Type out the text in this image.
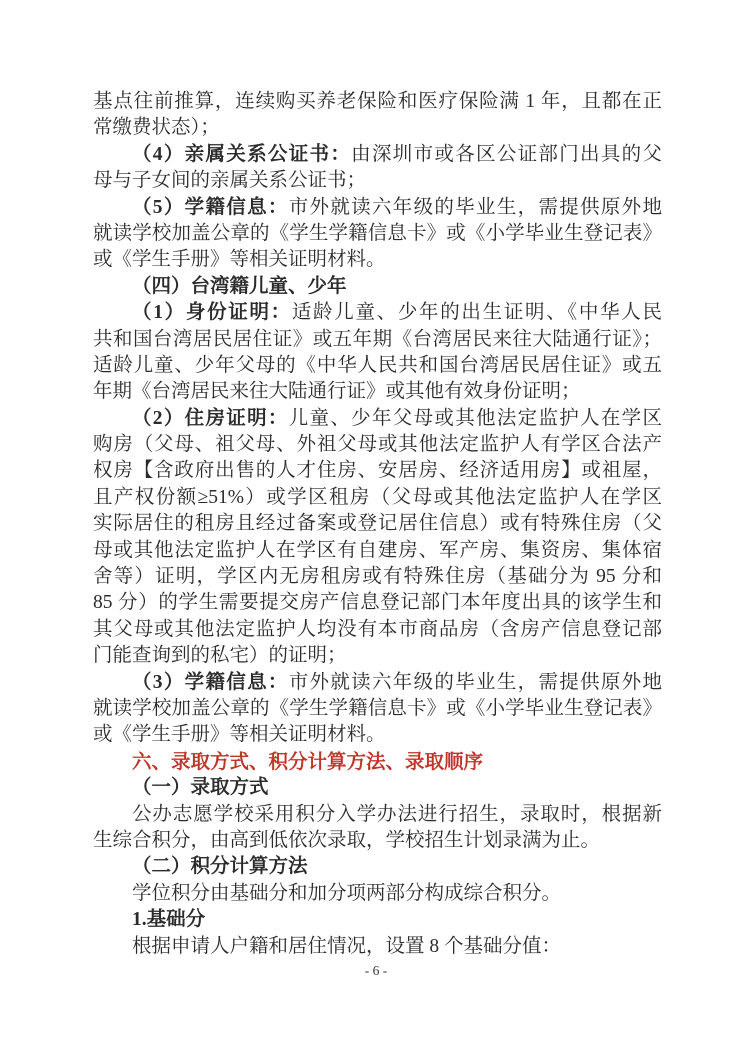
基点往前推算，连续购买养老保险和医疗保险满 1 年，且都在正
常缴费状态）；
（4）亲属关系公证书：由深圳市或各区公证部门出具的父
母与子女间的亲属关系公证书；
（5）学籍信息：市外就读六年级的毕业生，需提供原外地
就读学校加盖公章的《学生学籍信息卡》或《小学毕业生登记表》
或《学生手册》等相关证明材料。
（四）台湾籍儿童、少年
（1）身份证明：适龄儿童、少年的出生证明、《中华人民
共和国台湾居民居住证》或五年期《台湾居民来往大陆通行证》；
适龄儿童、少年父母的《中华人民共和国台湾居民居住证》或五
年期《台湾居民来往大陆通行证》或其他有效身份证明；
（2）住房证明：儿童、少年父母或其他法定监护人在学区
购房（父母、祖父母、外祖父母或其他法定监护人有学区合法产
权房【含政府出售的人才住房、安居房、经济适用房】或祖屋，
且产权份额≥51%）或学区租房（父母或其他法定监护人在学区
实际居住的租房且经过备案或登记居住信息）或有特殊住房（父
母或其他法定监护人在学区有自建房、军产房、集资房、集体宿
舍等）证明，学区内无房租房或有特殊住房（基础分为 95 分和
85 分）的学生需要提交房产信息登记部门本年度出具的该学生和
其父母或其他法定监护人均没有本市商品房（含房产信息登记部
门能查询到的私宅）的证明；
（3）学籍信息：市外就读六年级的毕业生，需提供原外地
就读学校加盖公章的《学生学籍信息卡》或《小学毕业生登记表》
或《学生手册》等相关证明材料。
六、录取方式、积分计算方法、录取顺序
（一）录取方式
公办志愿学校采用积分入学办法进行招生，录取时，根据新
生综合积分，由高到低依次录取，学校招生计划录满为止。
（二）积分计算方法
学位积分由基础分和加分项两部分构成综合积分。
1.基础分
根据申请人户籍和居住情况，设置 8 个基础分值：
- 6 -
